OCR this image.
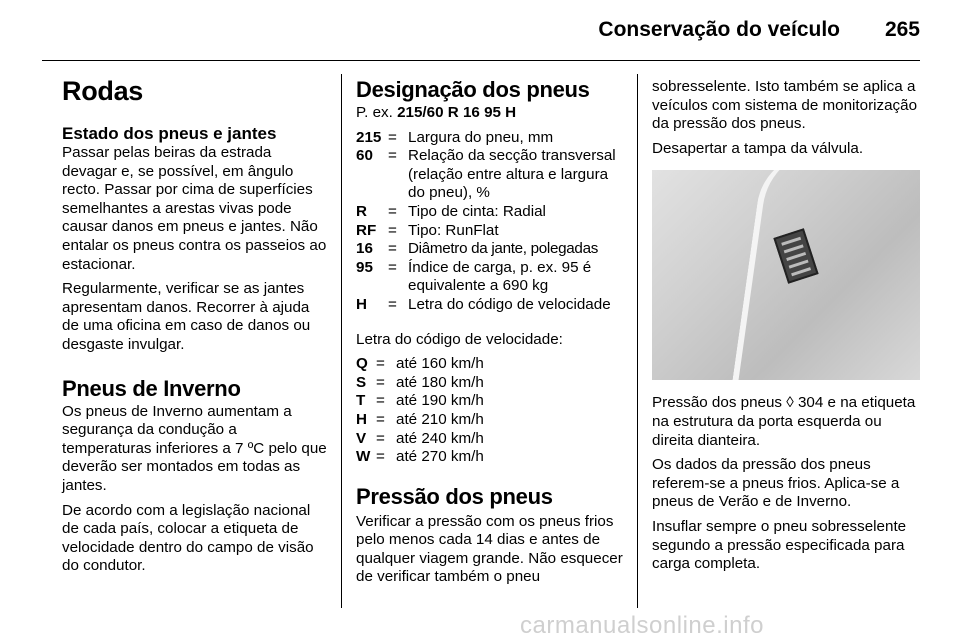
Conservação do veículo	265
Rodas
Estado dos pneus e jantes

Passar pelas beiras da estrada devagar e, se possível, em ângulo recto. Passar por cima de superfícies semelhantes a arestas vivas pode causar danos em pneus e jantes. Não entalar os pneus contra os passeios ao estacionar.

Regularmente, verificar se as jantes apresentam danos. Recorrer à ajuda de uma oficina em caso de danos ou desgaste invulgar.

Pneus de Inverno

Os pneus de Inverno aumentam a segurança da condução a temperaturas inferiores a 7 ºC pelo que deverão ser montados em todas as jantes.

De acordo com a legislação nacional de cada país, colocar a etiqueta de velocidade dentro do campo de visão do condutor.

Designação dos pneus

P. ex. 215/60 R 16 95 H

215 = Largura do pneu, mm
60 = Relação da secção transversal (relação entre altura e largura do pneu), %
R	= Tipo de cinta: Radial
RF = Tipo: RunFlat
16 = Diâmetro da jante, polegadas
95 = Índice de carga, p. ex. 95 é equivalente a 690 kg
H	= Letra do código de velocidade

Letra do código de velocidade:

Q = até 160 km/h
S = até 180 km/h
T = até 190 km/h
H = até 210 km/h
V = até 240 km/h
W = até 270 km/h
Pressão dos pneus

Verificar a pressão com os pneus frios pelo menos cada 14 dias e antes de qualquer viagem grande. Não esquecer de verificar também o pneu

sobresselente. Isto também se aplica a veículos com sistema de monitorização da pressão dos pneus.

Desapertar a tampa da válvula.

Pressão dos pneus ◊ 304 e na etiqueta na estrutura da porta esquerda ou direita dianteira.

Os dados da pressão dos pneus referem-se a pneus frios. Aplica-se a pneus de Verão e de Inverno.

Insuflar sempre o pneu sobresselente segundo a pressão especificada para carga completa.

carmanualsonline.info
